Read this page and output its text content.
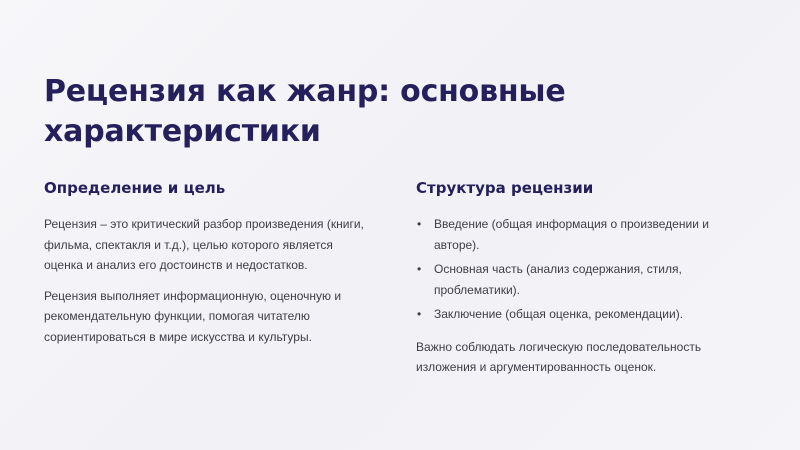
Рецензия как жанр: основные характеристики
Определение и цель

Рецензия – это критический разбор произведения (книги, фильма, спектакля и т.д.), целью которого является оценка и анализ его достоинств и недостатков.

Рецензия выполняет информационную, оценочную и рекомендательную функции, помогая читателю сориентироваться в мире искусства и культуры.

Структура рецензии
• Введение (общая информация о произведении и авторе).
• Основная часть (анализ содержания, стиля, проблематики).
• Заключение (общая оценка, рекомендации).

Важно соблюдать логическую последовательность изложения и аргументированность оценок.
